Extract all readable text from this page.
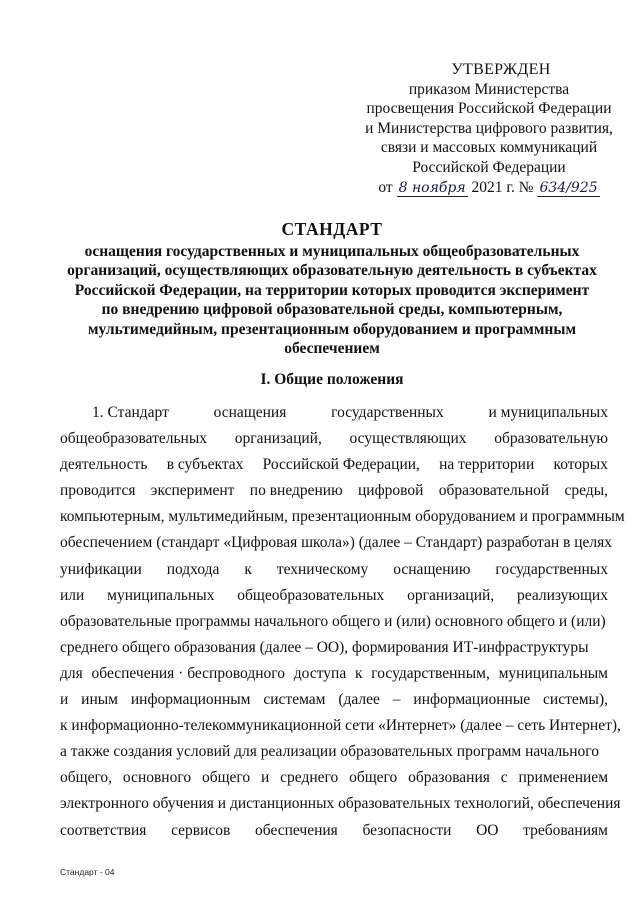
УТВЕРЖДЕН
приказом Министерства
просвещения Российской Федерации
и Министерства цифрового развития,
связи и массовых коммуникаций
Российской Федерации
от 8 ноября 2021 г. № 634/925
СТАНДАРТ
оснащения государственных и муниципальных общеобразовательных
организаций, осуществляющих образовательную деятельность в субъектах
Российской Федерации, на территории которых проводится эксперимент
по внедрению цифровой образовательной среды, компьютерным,
мультимедийным, презентационным оборудованием и программным
обеспечением
I. Общие положения
1. Стандарт	оснащения	государственных	и муниципальных
общеобразовательных организаций, осуществляющих образовательную
деятельность в субъектах Российской Федерации, на территории которых
проводится эксперимент по внедрению цифровой образовательной среды,
компьютерным, мультимедийным, презентационным оборудованием и программным
обеспечением (стандарт «Цифровая школа») (далее – Стандарт) разработан в целях
унификации подхода к техническому оснащению государственных
или муниципальных общеобразовательных организаций, реализующих
образовательные программы начального общего и (или) основного общего и (или)
среднего общего образования (далее – ОО), формирования ИТ-инфраструктуры
для обеспечения · беспроводного доступа к государственным, муниципальным
и иным информационным системам (далее – информационные системы),
к информационно-телекоммуникационной сети «Интернет» (далее – сеть Интернет),
а также создания условий для реализации образовательных программ начального
общего, основного общего и среднего общего образования с применением
электронного обучения и дистанционных образовательных технологий, обеспечения
соответствия сервисов обеспечения безопасности ОО требованиям
Стандарт - 04
